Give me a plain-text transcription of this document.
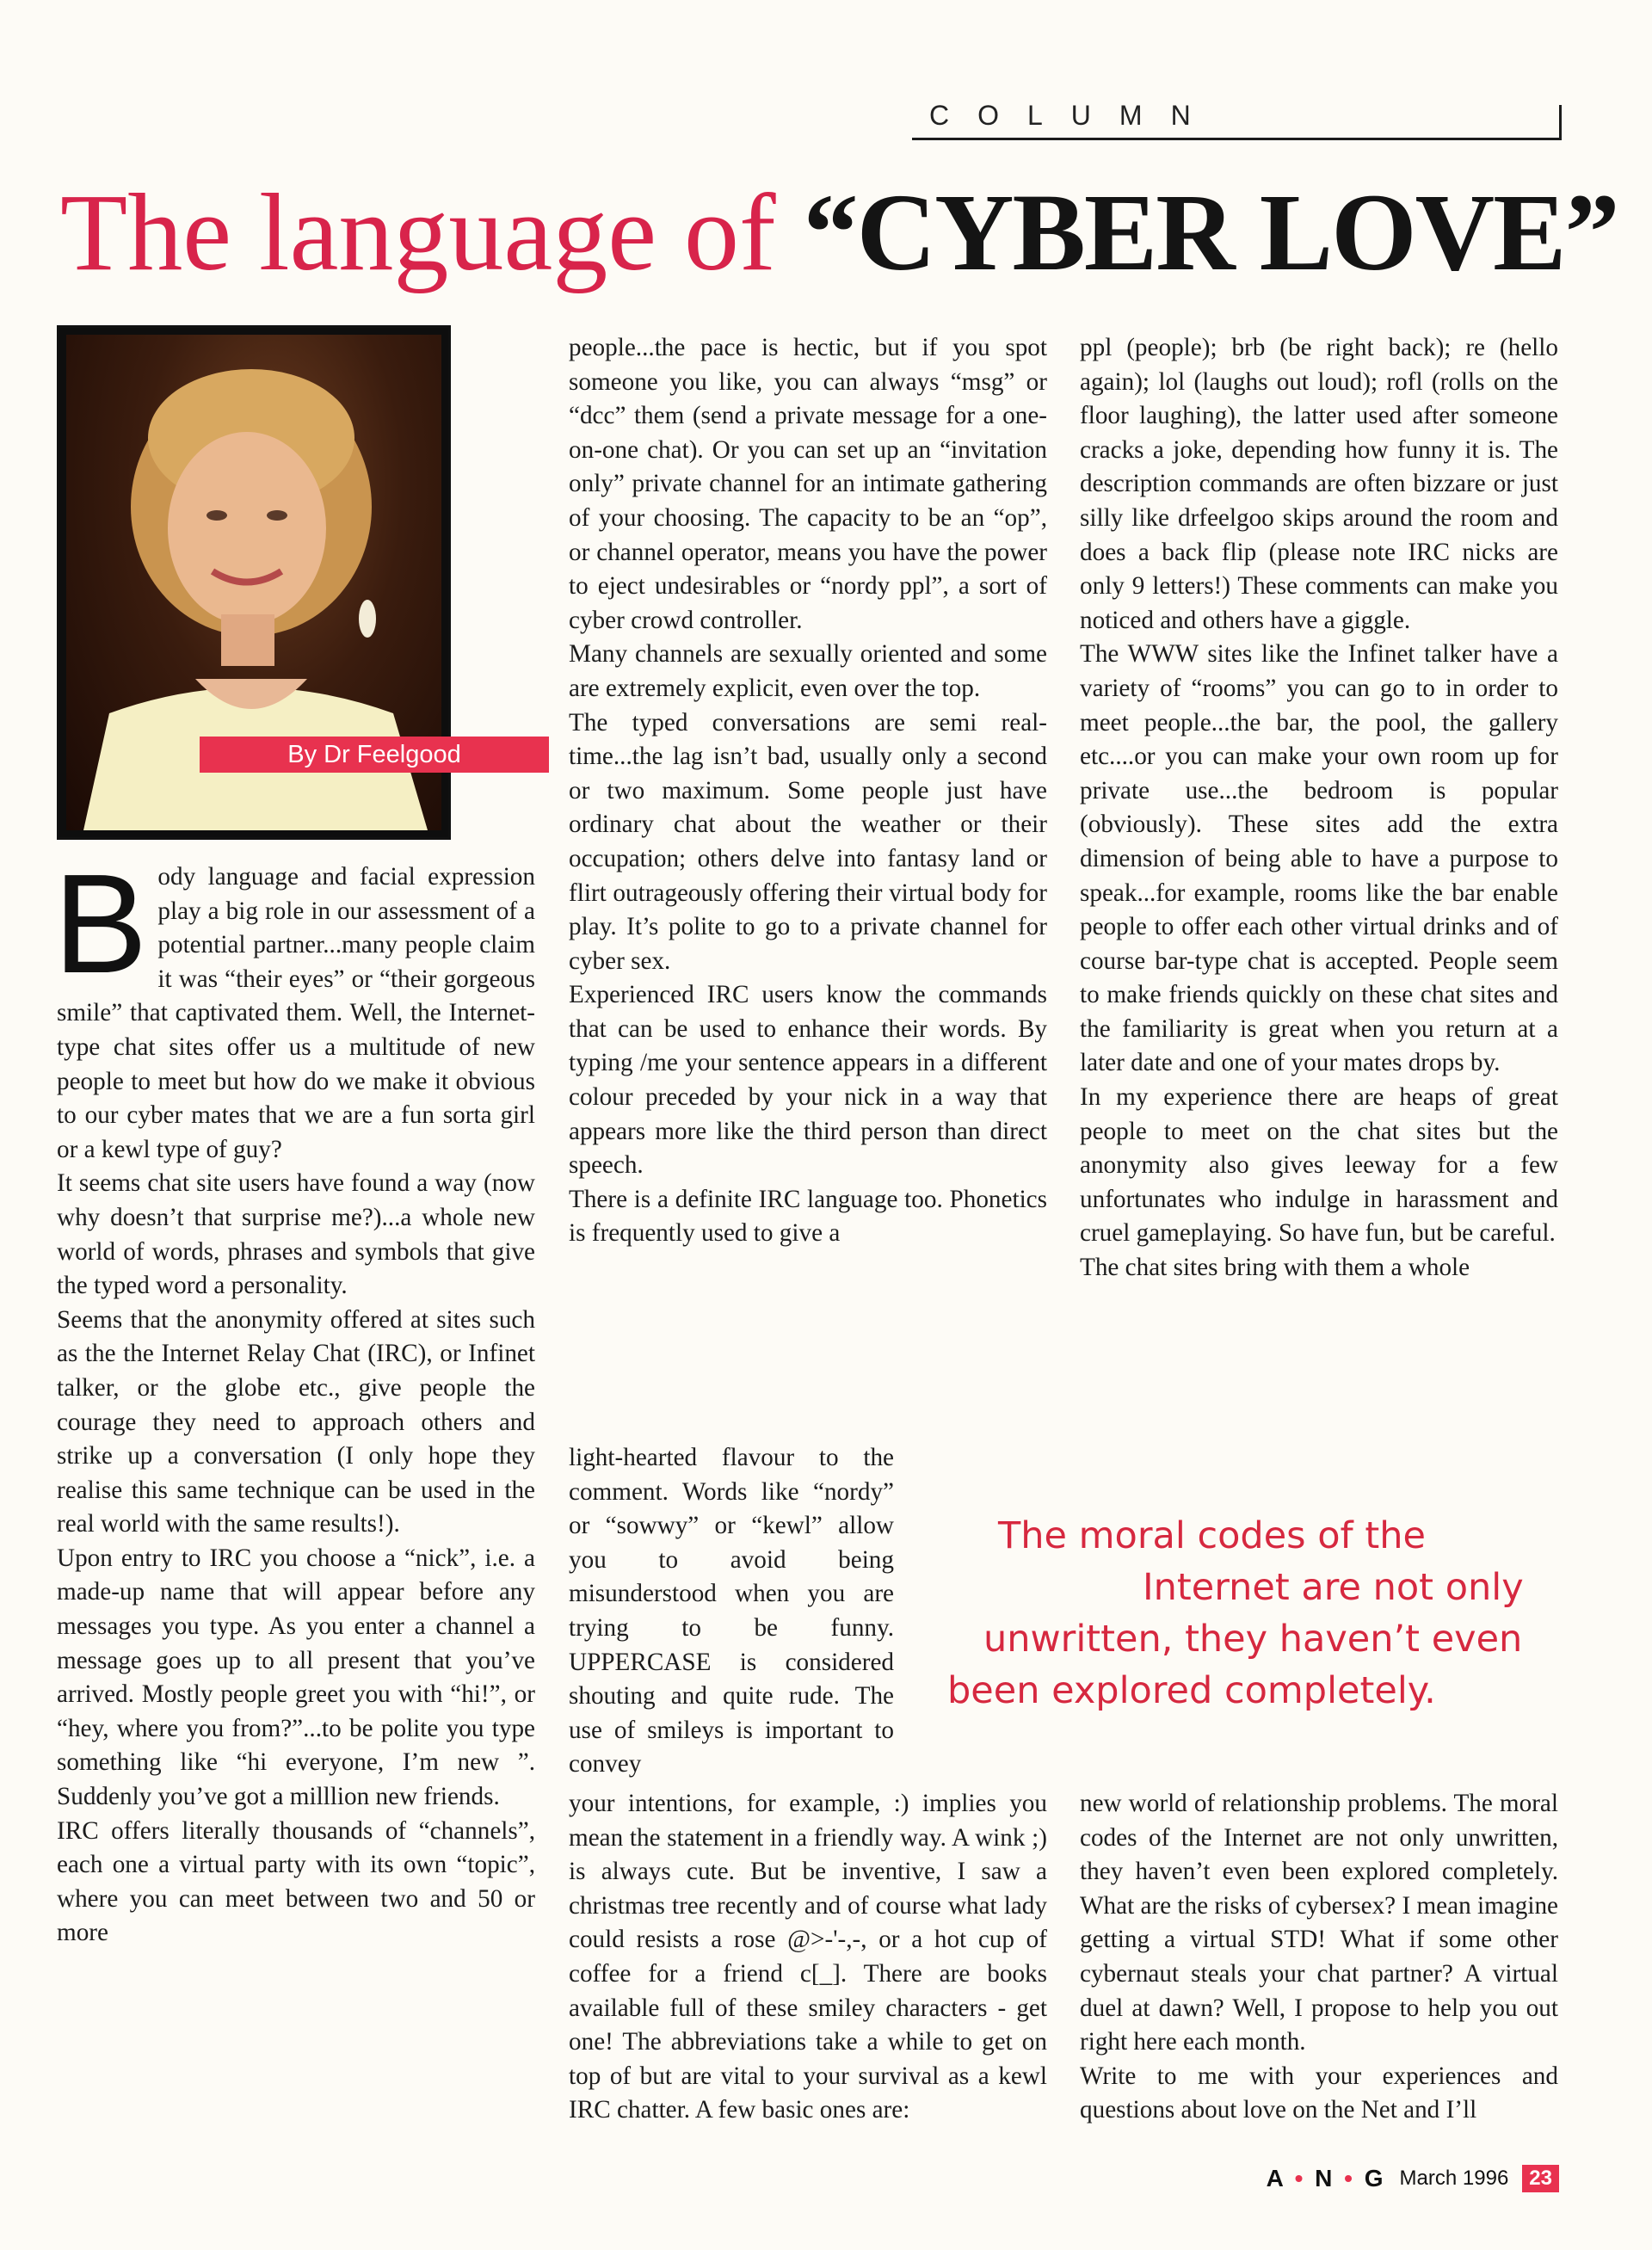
COLUMN
The language of “CYBER LOVE”
By Dr Feelgood

Body language and facial expression play a big role in our assessment of a potential partner...many people claim it was “their eyes” or “their gorgeous smile” that captivated them. Well, the Internet-type chat sites offer us a multitude of new people to meet but how do we make it obvious to our cyber mates that we are a fun sorta girl or a kewl type of guy?

It seems chat site users have found a way (now why doesn’t that surprise me?)...a whole new world of words, phrases and symbols that give the typed word a personality.

Seems that the anonymity offered at sites such as the the Internet Relay Chat (IRC), or Infinet talker, or the globe etc., give people the courage they need to approach others and strike up a conversation (I only hope they realise this same technique can be used in the real world with the same results!).

Upon entry to IRC you choose a “nick”, i.e. a made-up name that will appear before any messages you type. As you enter a channel a message goes up to all present that you’ve arrived. Mostly people greet you with “hi!”, or “hey, where you from?”...to be polite you type something like “hi everyone, I’m new ”. Suddenly you’ve got a milllion new friends.

IRC offers literally thousands of “channels”, each one a virtual party with its own “topic”, where you can meet between two and 50 or more

people...the pace is hectic, but if you spot someone you like, you can always “msg” or “dcc” them (send a private message for a one-on-one chat). Or you can set up an “invitation only” private channel for an intimate gathering of your choosing. The capacity to be an “op”, or channel operator, means you have the power to eject undesirables or “nordy ppl”, a sort of cyber crowd controller.

Many channels are sexually oriented and some are extremely explicit, even over the top.

The typed conversations are semi real-time...the lag isn’t bad, usually only a second or two maximum. Some people just have ordinary chat about the weather or their occupation; others delve into fantasy land or flirt outrageously offering their virtual body for play. It’s polite to go to a private channel for cyber sex.

Experienced IRC users know the commands that can be used to enhance their words. By typing /me your sentence appears in a different colour preceded by your nick in a way that appears more like the third person than direct speech.

There is a definite IRC language too. Phonetics is frequently used to give a

light-hearted flavour to the comment. Words like “nordy” or “sowwy” or “kewl” allow you to avoid being misunderstood when you are trying to be funny. UPPERCASE is considered shouting and quite rude. The use of smileys is important to convey

your intentions, for example, :) implies you mean the statement in a friendly way. A wink ;) is always cute. But be inventive, I saw a christmas tree recently and of course what lady could resists a rose @>-'-,-, or a hot cup of coffee for a friend c[_]. There are books available full of these smiley characters - get one! The abbreviations take a while to get on top of but are vital to your survival as a kewl IRC chatter. A few basic ones are:

ppl (people); brb (be right back); re (hello again); lol (laughs out loud); rofl (rolls on the floor laughing), the latter used after someone cracks a joke, depending how funny it is. The description commands are often bizzare or just silly like drfeelgoo skips around the room and does a back flip (please note IRC nicks are only 9 letters!) These comments can make you noticed and others have a giggle.

The WWW sites like the Infinet talker have a variety of “rooms” you can go to in order to meet people...the bar, the pool, the gallery etc....or you can make your own room up for private use...the bedroom is popular (obviously). These sites add the extra dimension of being able to have a purpose to speak...for example, rooms like the bar enable people to offer each other virtual drinks and of course bar-type chat is accepted. People seem to make friends quickly on these chat sites and the familiarity is great when you return at a later date and one of your mates drops by.

In my experience there are heaps of great people to meet on the chat sites but the anonymity also gives leeway for a few unfortunates who indulge in harassment and cruel gameplaying. So have fun, but be careful.

The chat sites bring with them a whole

new world of relationship problems. The moral codes of the Internet are not only unwritten, they haven’t even been explored completely. What are the risks of cybersex? I mean imagine getting a virtual STD! What if some other cybernaut steals your chat partner? A virtual duel at dawn? Well, I propose to help you out right here each month.

Write to me with your experiences and questions about love on the Net and I’ll

The moral codes of the
Internet are not only
unwritten, they haven’t even
been explored completely.
A • N • G March 1996	23
